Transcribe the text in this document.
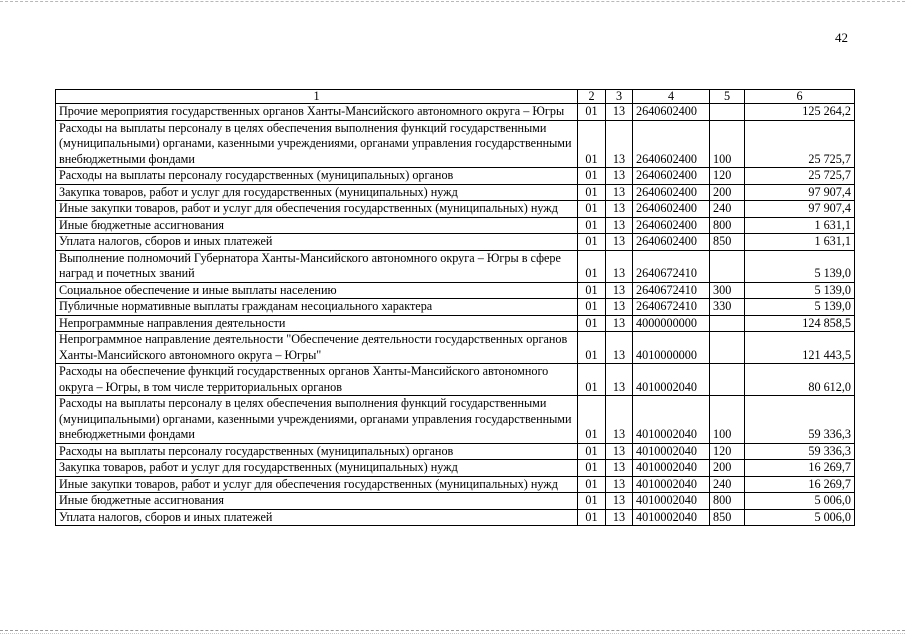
42
1	2	3	4	5	6
Прочие мероприятия государственных органов Ханты-Мансийского автономного округа – Югры	01	13	2640602400		125 264,2
Расходы на выплаты персоналу в целях обеспечения выполнения функций государственными (муниципальными) органами, казенными учреждениями, органами управления государственными внебюджетными фондами	01	13	2640602400	100	25 725,7
Расходы на выплаты персоналу государственных (муниципальных) органов	01	13	2640602400	120	25 725,7
Закупка товаров, работ и услуг для государственных (муниципальных) нужд	01	13	2640602400	200	97 907,4
Иные закупки товаров, работ и услуг для обеспечения государственных (муниципальных) нужд	01	13	2640602400	240	97 907,4
Иные бюджетные ассигнования	01	13	2640602400	800	1 631,1
Уплата налогов, сборов и иных платежей	01	13	2640602400	850	1 631,1
Выполнение полномочий Губернатора Ханты-Мансийского автономного округа – Югры в сфере наград и почетных званий	01	13	2640672410		5 139,0
Социальное обеспечение и иные выплаты населению	01	13	2640672410	300	5 139,0
Публичные нормативные выплаты гражданам несоциального характера	01	13	2640672410	330	5 139,0
Непрограммные направления деятельности	01	13	4000000000		124 858,5
Непрограммное направление деятельности "Обеспечение деятельности государственных органов Ханты-Мансийского автономного округа – Югры"	01	13	4010000000		121 443,5
Расходы на обеспечение функций государственных органов Ханты-Мансийского автономного округа – Югры, в том числе территориальных органов	01	13	4010002040		80 612,0
Расходы на выплаты персоналу в целях обеспечения выполнения функций государственными (муниципальными) органами, казенными учреждениями, органами управления государственными внебюджетными фондами	01	13	4010002040	100	59 336,3
Расходы на выплаты персоналу государственных (муниципальных) органов	01	13	4010002040	120	59 336,3
Закупка товаров, работ и услуг для государственных (муниципальных) нужд	01	13	4010002040	200	16 269,7
Иные закупки товаров, работ и услуг для обеспечения государственных (муниципальных) нужд	01	13	4010002040	240	16 269,7
Иные бюджетные ассигнования	01	13	4010002040	800	5 006,0
Уплата налогов, сборов и иных платежей	01	13	4010002040	850	5 006,0
